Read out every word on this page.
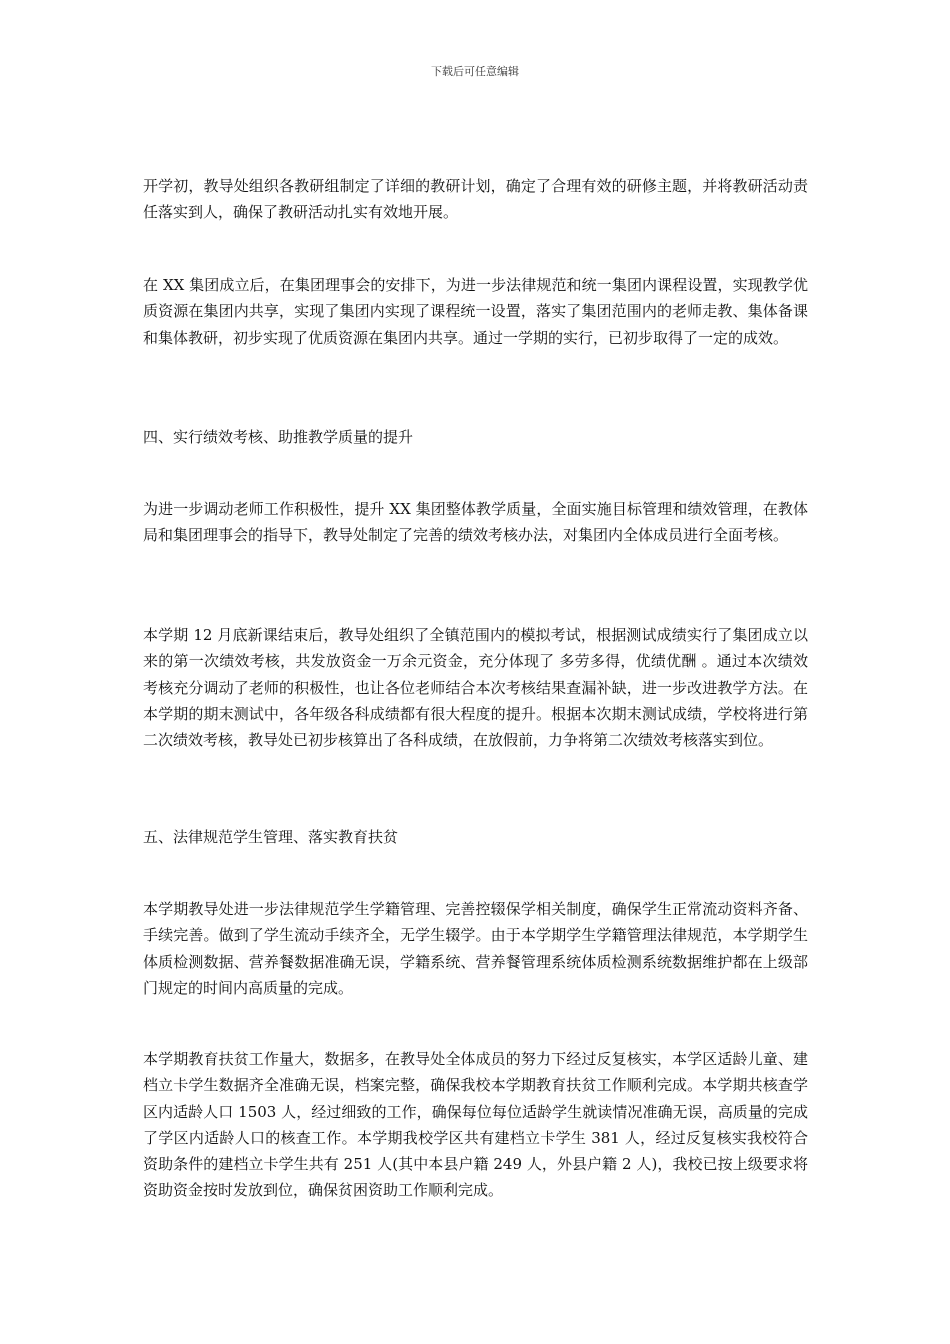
下载后可任意编辑

开学初，教导处组织各教研组制定了详细的教研计划，确定了合理有效的研修主题，并将教研活动责任落实到人，确保了教研活动扎实有效地开展。

在 XX 集团成立后，在集团理事会的安排下，为进一步法律规范和统一集团内课程设置，实现教学优质资源在集团内共享，实现了集团内实现了课程统一设置，落实了集团范围内的老师走教、集体备课和集体教研，初步实现了优质资源在集团内共享。通过一学期的实行，已初步取得了一定的成效。

四、实行绩效考核、助推教学质量的提升

为进一步调动老师工作积极性，提升 XX 集团整体教学质量，全面实施目标管理和绩效管理，在教体局和集团理事会的指导下，教导处制定了完善的绩效考核办法，对集团内全体成员进行全面考核。

本学期 12 月底新课结束后，教导处组织了全镇范围内的模拟考试，根据测试成绩实行了集团成立以来的第一次绩效考核，共发放资金一万余元资金，充分体现了 多劳多得，优绩优酬 。通过本次绩效考核充分调动了老师的积极性，也让各位老师结合本次考核结果查漏补缺，进一步改进教学方法。在本学期的期末测试中，各年级各科成绩都有很大程度的提升。根据本次期末测试成绩，学校将进行第二次绩效考核，教导处已初步核算出了各科成绩，在放假前，力争将第二次绩效考核落实到位。

五、法律规范学生管理、落实教育扶贫

本学期教导处进一步法律规范学生学籍管理、完善控辍保学相关制度，确保学生正常流动资料齐备、手续完善。做到了学生流动手续齐全，无学生辍学。由于本学期学生学籍管理法律规范，本学期学生体质检测数据、营养餐数据准确无误，学籍系统、营养餐管理系统体质检测系统数据维护都在上级部门规定的时间内高质量的完成。

本学期教育扶贫工作量大，数据多，在教导处全体成员的努力下经过反复核实，本学区适龄儿童、建档立卡学生数据齐全准确无误，档案完整，确保我校本学期教育扶贫工作顺利完成。本学期共核查学区内适龄人口 1503 人，经过细致的工作，确保每位每位适龄学生就读情况准确无误，高质量的完成了学区内适龄人口的核查工作。本学期我校学区共有建档立卡学生 381 人，经过反复核实我校符合资助条件的建档立卡学生共有 251 人(其中本县户籍 249 人，外县户籍 2 人)，我校已按上级要求将资助资金按时发放到位，确保贫困资助工作顺利完成。
